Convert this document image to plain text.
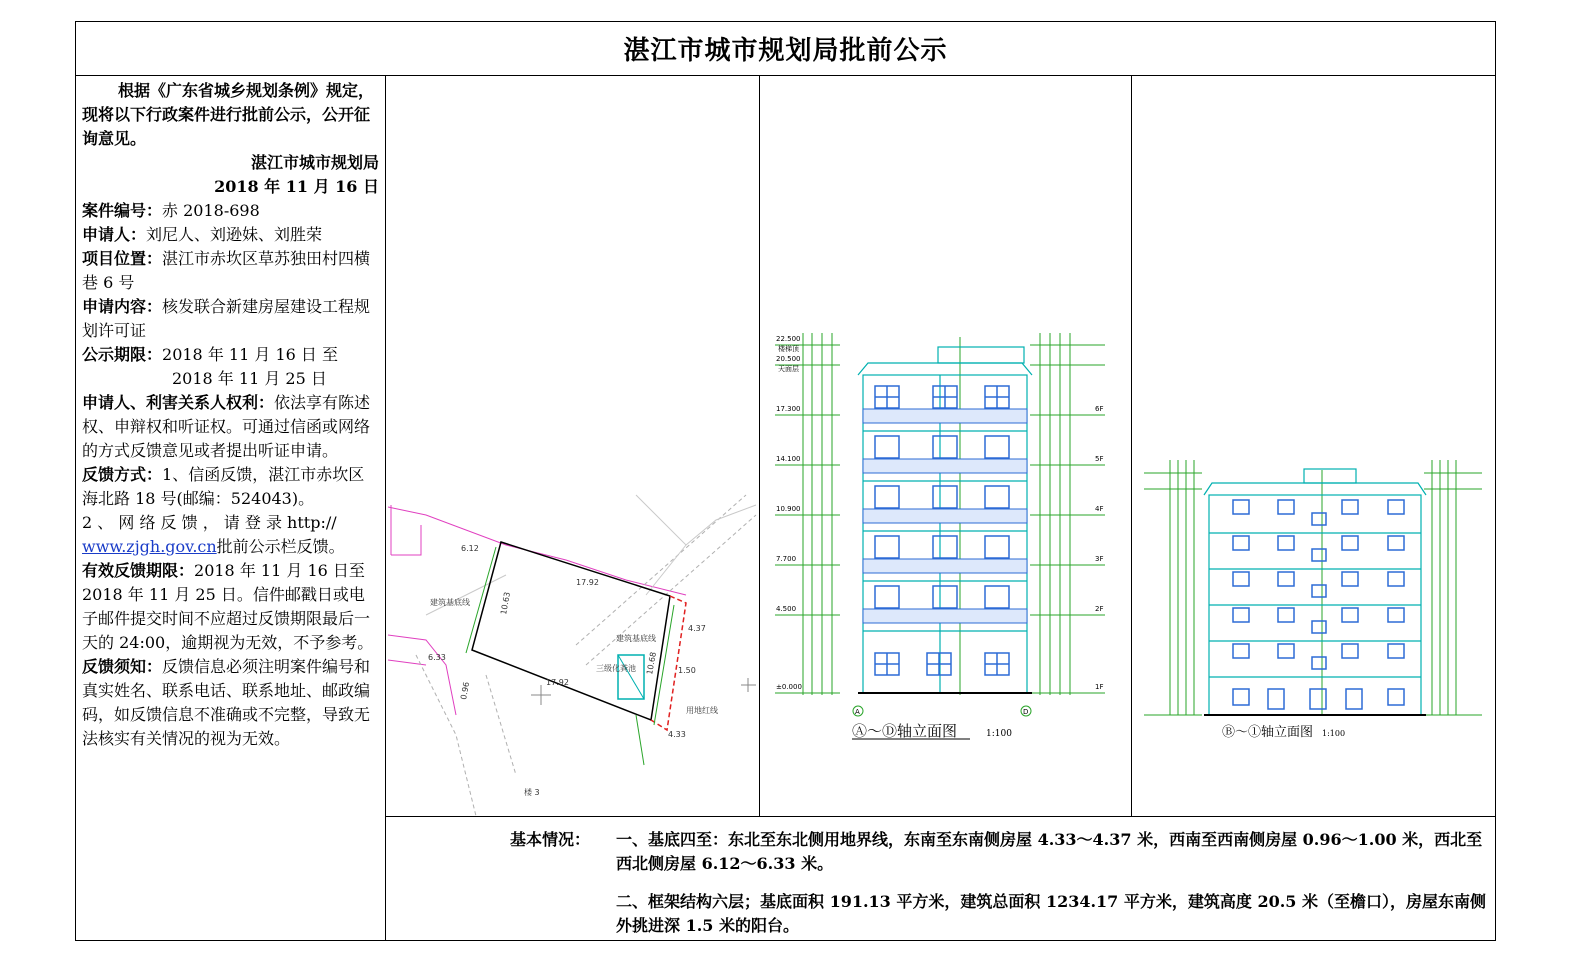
湛江市城市规划局批前公示

根据《广东省城乡规划条例》规定，现将以下行政案件进行批前公示，公开征询意见。

湛江市城市规划局

2018 年 11 月 16 日

案件编号：赤 2018-698

申请人：刘尼人、刘逊妹、刘胜荣

项目位置：湛江市赤坎区草苏独田村四横巷 6 号

申请内容：核发联合新建房屋建设工程规划许可证

公示期限：2018 年 11 月 16 日 至

2018 年 11 月 25 日

申请人、利害关系人权利：依法享有陈述权、申辩权和听证权。可通过信函或网络的方式反馈意见或者提出听证申请。

反馈方式：1、信函反馈，湛江市赤坎区海北路 18 号(邮编：524043)。

2 、 网 络 反 馈 ， 请 登 录 http://

www.zjgh.gov.cn批前公示栏反馈。

有效反馈期限：2018 年 11 月 16 日至 2018 年 11 月 25 日。信件邮戳日或电子邮件提交时间不应超过反馈期限最后一天的 24:00，逾期视为无效，不予参考。

反馈须知：反馈信息必须注明案件编号和真实姓名、联系电话、联系地址、邮政编码，如反馈信息不准确或不完整，导致无法核实有关情况的视为无效。

6.12
17.92
10.63
4.37
6.33
17.92
10.68	1.50
0.96
4.33
建筑基底线
建筑基底线
三级化粪池
用地红线
楼 3
22.500
20.500
17.300
14.100
10.900
7.700
4.500
±0.000
楼梯顶
天面层
6F
5F
4F
3F
2F
1F
A	D
Ⓐ～Ⓓ轴立面图	1:100	Ⓑ～①轴立面图 1:100
基本情况： 一、基底四至：东北至东北侧用地界线，东南至东南侧房屋 4.33～4.37 米，西南至西南侧房屋 0.96～1.00 米，西北至西北侧房屋 6.12～6.33 米。
二、框架结构六层；基底面积 191.13 平方米，建筑总面积 1234.17 平方米，建筑高度 20.5 米（至檐口），房屋东南侧外挑进深 1.5 米的阳台。
